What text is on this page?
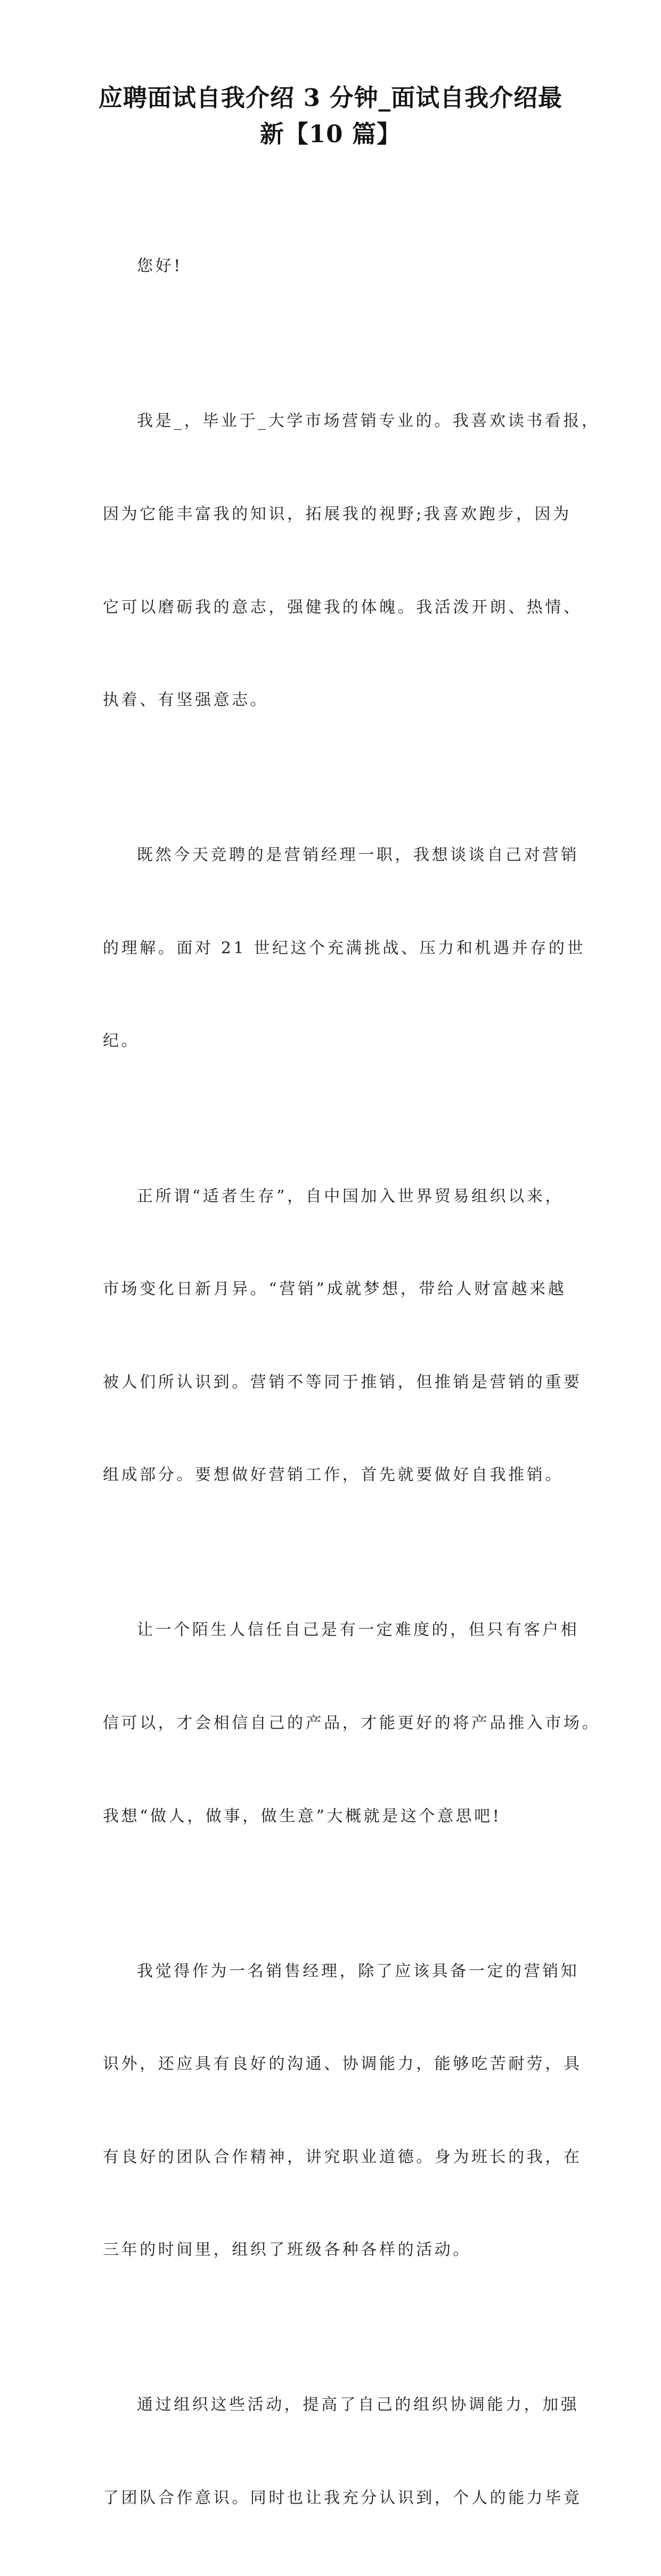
应聘面试自我介绍 3 分钟_面试自我介绍最
新【10 篇】

您好!

我是_，毕业于_大学市场营销专业的。我喜欢读书看报，

因为它能丰富我的知识，拓展我的视野;我喜欢跑步，因为

它可以磨砺我的意志，强健我的体魄。我活泼开朗、热情、

执着、有坚强意志。

既然今天竞聘的是营销经理一职，我想谈谈自己对营销

的理解。面对 21 世纪这个充满挑战、压力和机遇并存的世

纪。

正所谓“适者生存”，自中国加入世界贸易组织以来，

市场变化日新月异。“营销”成就梦想，带给人财富越来越

被人们所认识到。营销不等同于推销，但推销是营销的重要

组成部分。要想做好营销工作，首先就要做好自我推销。

让一个陌生人信任自己是有一定难度的，但只有客户相

信可以，才会相信自己的产品，才能更好的将产品推入市场。

我想“做人，做事，做生意”大概就是这个意思吧!

我觉得作为一名销售经理，除了应该具备一定的营销知

识外，还应具有良好的沟通、协调能力，能够吃苦耐劳，具

有良好的团队合作精神，讲究职业道德。身为班长的我，在

三年的时间里，组织了班级各种各样的活动。

通过组织这些活动，提高了自己的组织协调能力，加强

了团队合作意识。同时也让我充分认识到，个人的能力毕竟
